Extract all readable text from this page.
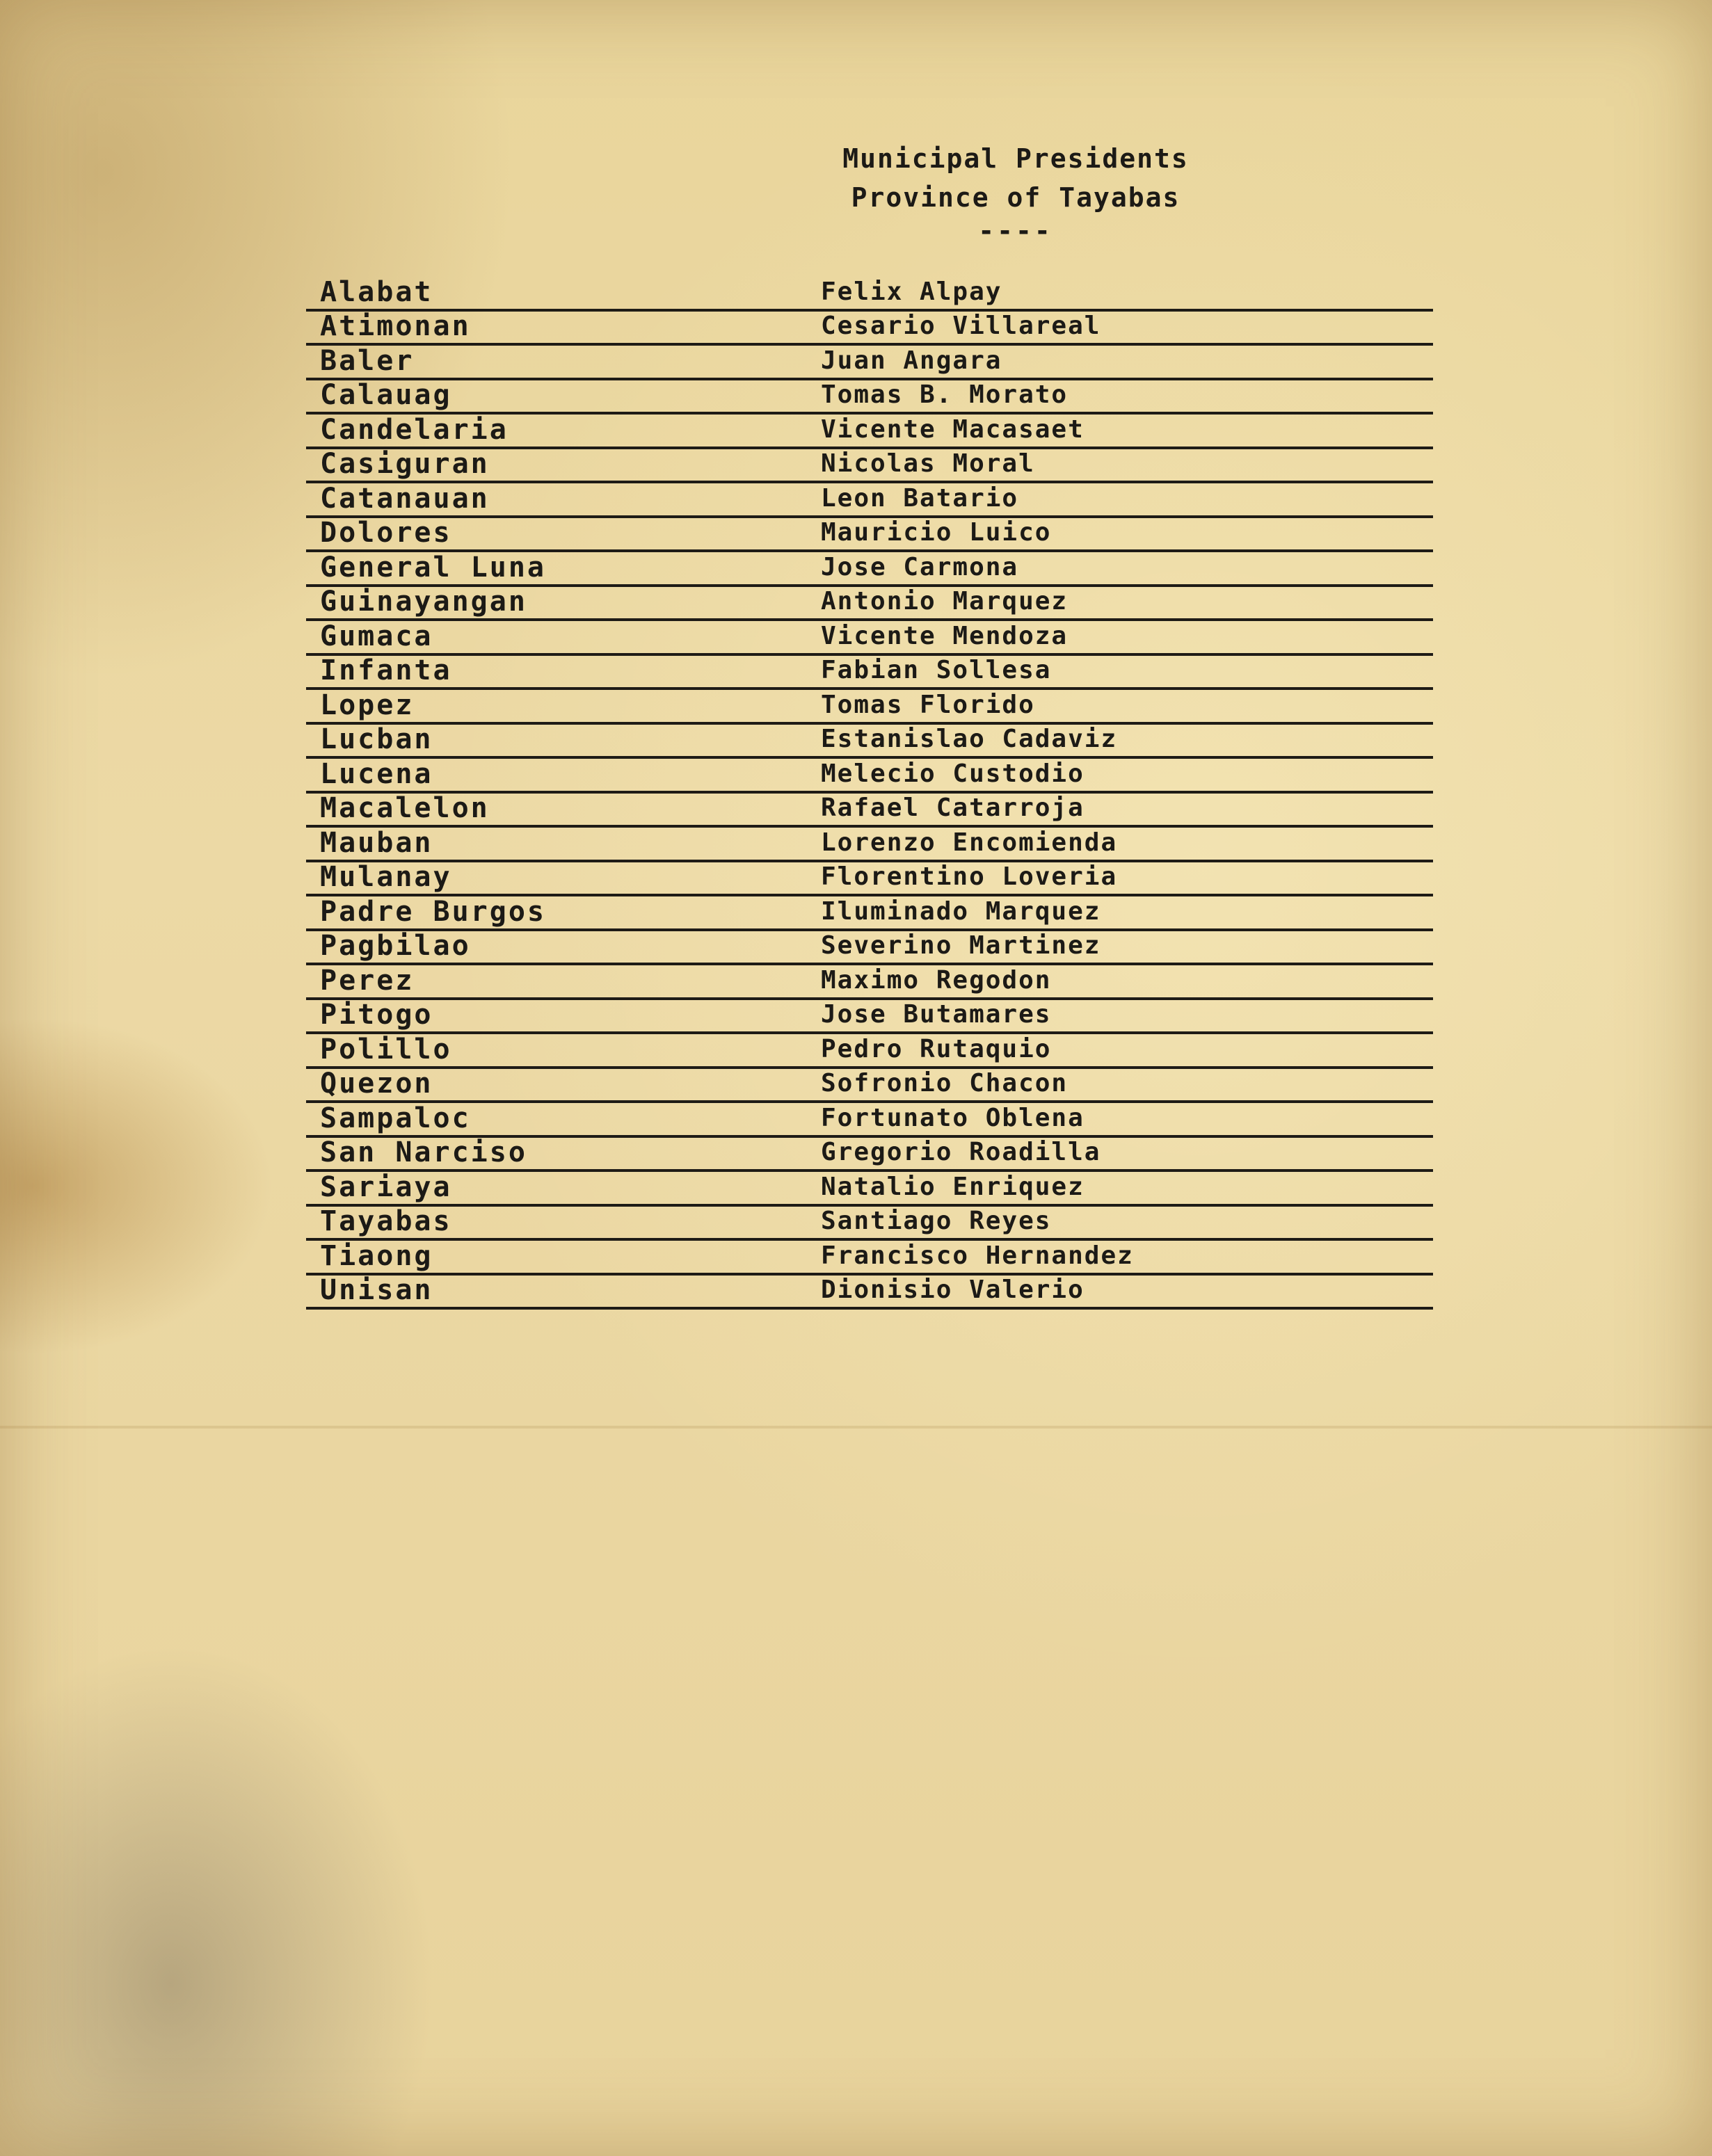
Municipal Presidents
Province of Tayabas
----
Alabat	Felix Alpay
Atimonan	Cesario Villareal
Baler	Juan Angara
Calauag	Tomas B. Morato
Candelaria	Vicente Macasaet
Casiguran	Nicolas Moral
Catanauan	Leon Batario
Dolores	Mauricio Luico
General Luna	Jose Carmona
Guinayangan	Antonio Marquez
Gumaca	Vicente Mendoza
Infanta	Fabian Sollesa
Lopez	Tomas Florido
Lucban	Estanislao Cadaviz
Lucena	Melecio Custodio
Macalelon	Rafael Catarroja
Mauban	Lorenzo Encomienda
Mulanay	Florentino Loveria
Padre Burgos	Iluminado Marquez
Pagbilao	Severino Martinez
Perez	Maximo Regodon
Pitogo	Jose Butamares
Polillo	Pedro Rutaquio
Quezon	Sofronio Chacon
Sampaloc	Fortunato Oblena
San Narciso	Gregorio Roadilla
Sariaya	Natalio Enriquez
Tayabas	Santiago Reyes
Tiaong	Francisco Hernandez
Unisan	Dionisio Valerio
